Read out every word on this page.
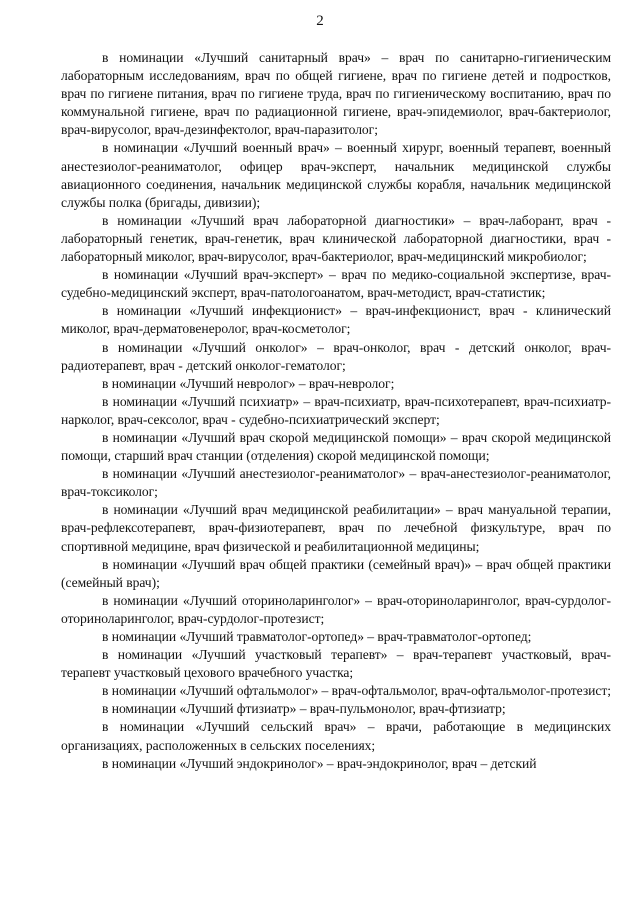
2

в номинации «Лучший санитарный врач» – врач по санитарно-гигиеническим лабораторным исследованиям, врач по общей гигиене, врач по гигиене детей и подростков, врач по гигиене питания, врач по гигиене труда, врач по гигиеническому воспитанию, врач по коммунальной гигиене, врач по радиационной гигиене, врач-эпидемиолог, врач-бактериолог, врач-вирусолог, врач-дезинфектолог, врач-паразитолог;

в номинации «Лучший военный врач» – военный хирург, военный терапевт, военный анестезиолог-реаниматолог, офицер врач-эксперт, начальник медицинской службы авиационного соединения, начальник медицинской службы корабля, начальник медицинской службы полка (бригады, дивизии);

в номинации «Лучший врач лабораторной диагностики» – врач-лаборант, врач - лабораторный генетик, врач-генетик, врач клинической лабораторной диагностики, врач - лабораторный миколог, врач-вирусолог, врач-бактериолог, врач-медицинский микробиолог;

в номинации «Лучший врач-эксперт» – врач по медико-социальной экспертизе, врач-судебно-медицинский эксперт, врач-патологоанатом, врач-методист, врач-статистик;

в номинации «Лучший инфекционист» – врач-инфекционист, врач - клинический миколог, врач-дерматовенеролог, врач-косметолог;

в номинации «Лучший онколог» – врач-онколог, врач - детский онколог, врач-радиотерапевт, врач - детский онколог-гематолог;

в номинации «Лучший невролог» – врач-невролог;

в номинации «Лучший психиатр» – врач-психиатр, врач-психотерапевт, врач-психиатр-нарколог, врач-сексолог, врач - судебно-психиатрический эксперт;

в номинации «Лучший врач скорой медицинской помощи» – врач скорой медицинской помощи, старший врач станции (отделения) скорой медицинской помощи;

в номинации «Лучший анестезиолог-реаниматолог» – врач-анестезиолог-реаниматолог, врач-токсиколог;

в номинации «Лучший врач медицинской реабилитации» – врач мануальной терапии, врач-рефлексотерапевт, врач-физиотерапевт, врач по лечебной физкультуре, врач по спортивной медицине, врач физической и реабилитационной медицины;

в номинации «Лучший врач общей практики (семейный врач)» – врач общей практики (семейный врач);

в номинации «Лучший оториноларинголог» – врач-оториноларинголог, врач-сурдолог-оториноларинголог, врач-сурдолог-протезист;

в номинации «Лучший травматолог-ортопед» – врач-травматолог-ортопед;

в номинации «Лучший участковый терапевт» – врач-терапевт участковый, врач-терапевт участковый цехового врачебного участка;

в номинации «Лучший офтальмолог» – врач-офтальмолог, врач-офтальмолог-протезист;

в номинации «Лучший фтизиатр» – врач-пульмонолог, врач-фтизиатр;

в номинации «Лучший сельский врач» – врачи, работающие в медицинских организациях, расположенных в сельских поселениях;

в номинации «Лучший эндокринолог» – врач-эндокринолог, врач – детский
